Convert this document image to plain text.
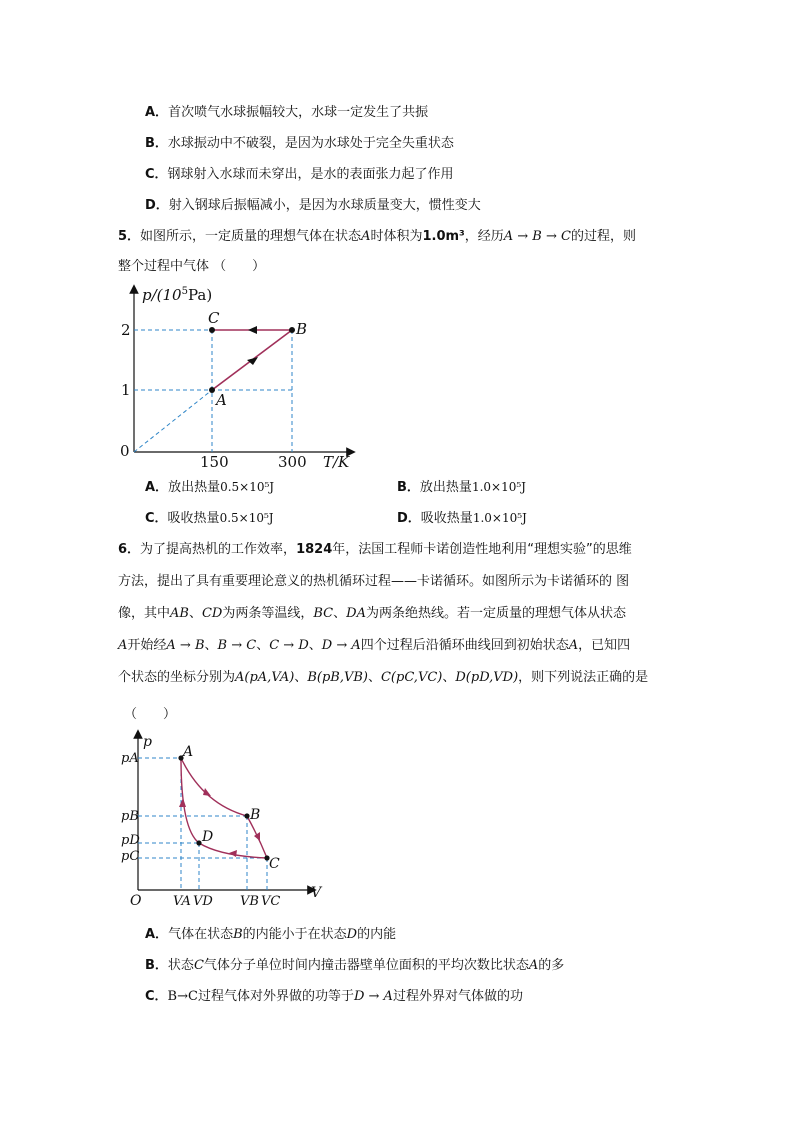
A．首次喷气水球振幅较大，水球一定发生了共振
B．水球振动中不破裂，是因为水球处于完全失重状态
C．钢球射入水球而未穿出，是水的表面张力起了作用
D．射入钢球后振幅减小，是因为水球质量变大，惯性变大
5．如图所示，一定质量的理想气体在状态A时体积为1.0m³，经历A → B → C的过程，则
整个过程中气体 （　　）
A
B
C
0
1
2
150	300
$p/(10^5Pa)$
T/K
A．放出热量0.5×10⁵J	B．放出热量1.0×10⁵J
C．吸收热量0.5×10⁵J	D．吸收热量1.0×10⁵J
6．为了提高热机的工作效率，1824年，法国工程师卡诺创造性地利用“理想实验”的思维
方法，提出了具有重要理论意义的热机循环过程——卡诺循环。如图所示为卡诺循环的 图
像，其中AB、CD为两条等温线，BC、DA为两条绝热线。若一定质量的理想气体从状态
A开始经A → B、B → C、C → D、D → A四个过程后沿循环曲线回到初始状态A，已知四
个状态的坐标分别为A(pA,VA)、B(pB,VB)、C(pC,VC)、D(pD,VD)，则下列说法正确的是
（　　）
A
B
C
D
pA
pB
pD
pC
VA VD VB VC
p
V
O
A．气体在状态B的内能小于在状态D的内能
B．状态C气体分子单位时间内撞击器壁单位面积的平均次数比状态A的多
C．B→C过程气体对外界做的功等于D → A过程外界对气体做的功
